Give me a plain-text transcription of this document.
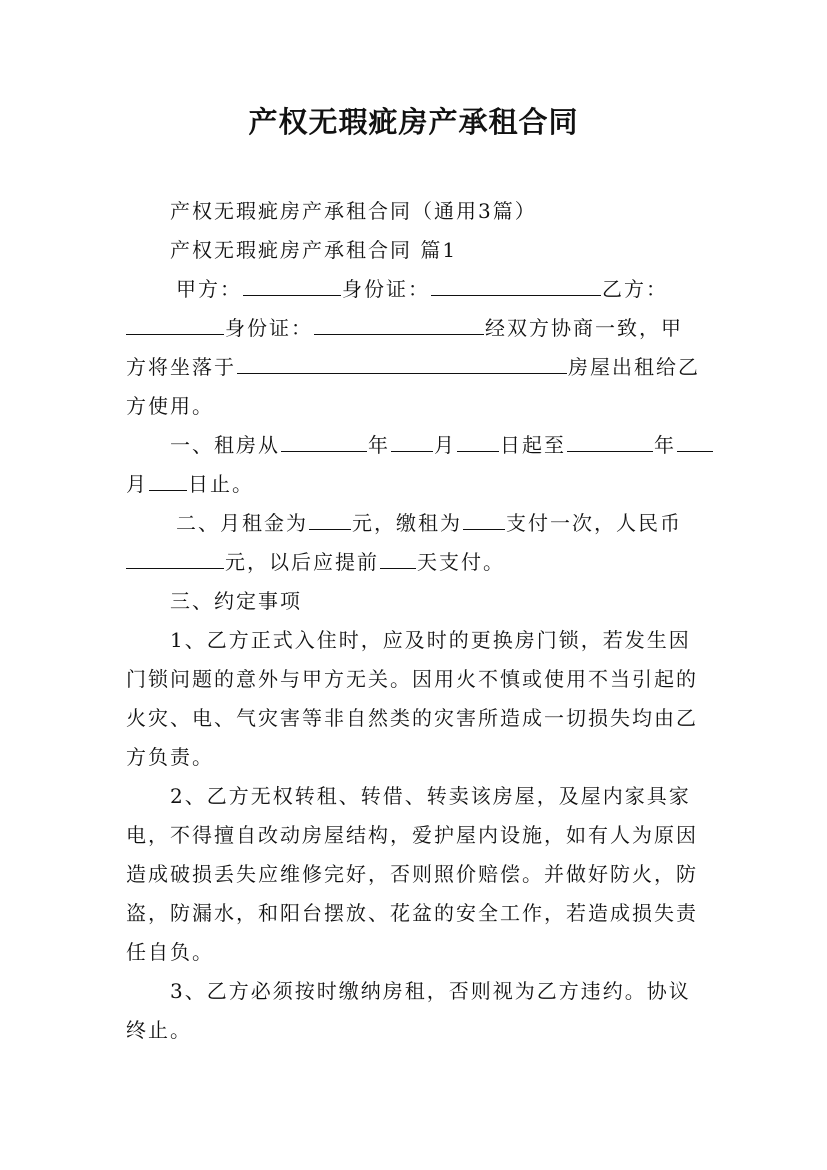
产权无瑕疵房产承租合同
产权无瑕疵房产承租合同（通用3篇）
产权无瑕疵房产承租合同 篇1
甲方：	身份证：	乙方：
身份证：	经双方协商一致，甲
方将坐落于	房屋出租给乙
方使用。
一、租房从	年 月 日起至	年
月 日止。
二、月租金为 元，缴租为 支付一次，人民币
元，以后应提前 天支付。
三、约定事项
1、乙方正式入住时，应及时的更换房门锁，若发生因
门锁问题的意外与甲方无关。因用火不慎或使用不当引起的
火灾、电、气灾害等非自然类的灾害所造成一切损失均由乙
方负责。
2、乙方无权转租、转借、转卖该房屋，及屋内家具家
电，不得擅自改动房屋结构，爱护屋内设施，如有人为原因
造成破损丢失应维修完好，否则照价赔偿。并做好防火，防
盗，防漏水，和阳台摆放、花盆的安全工作，若造成损失责
任自负。
3、乙方必须按时缴纳房租，否则视为乙方违约。协议
终止。
